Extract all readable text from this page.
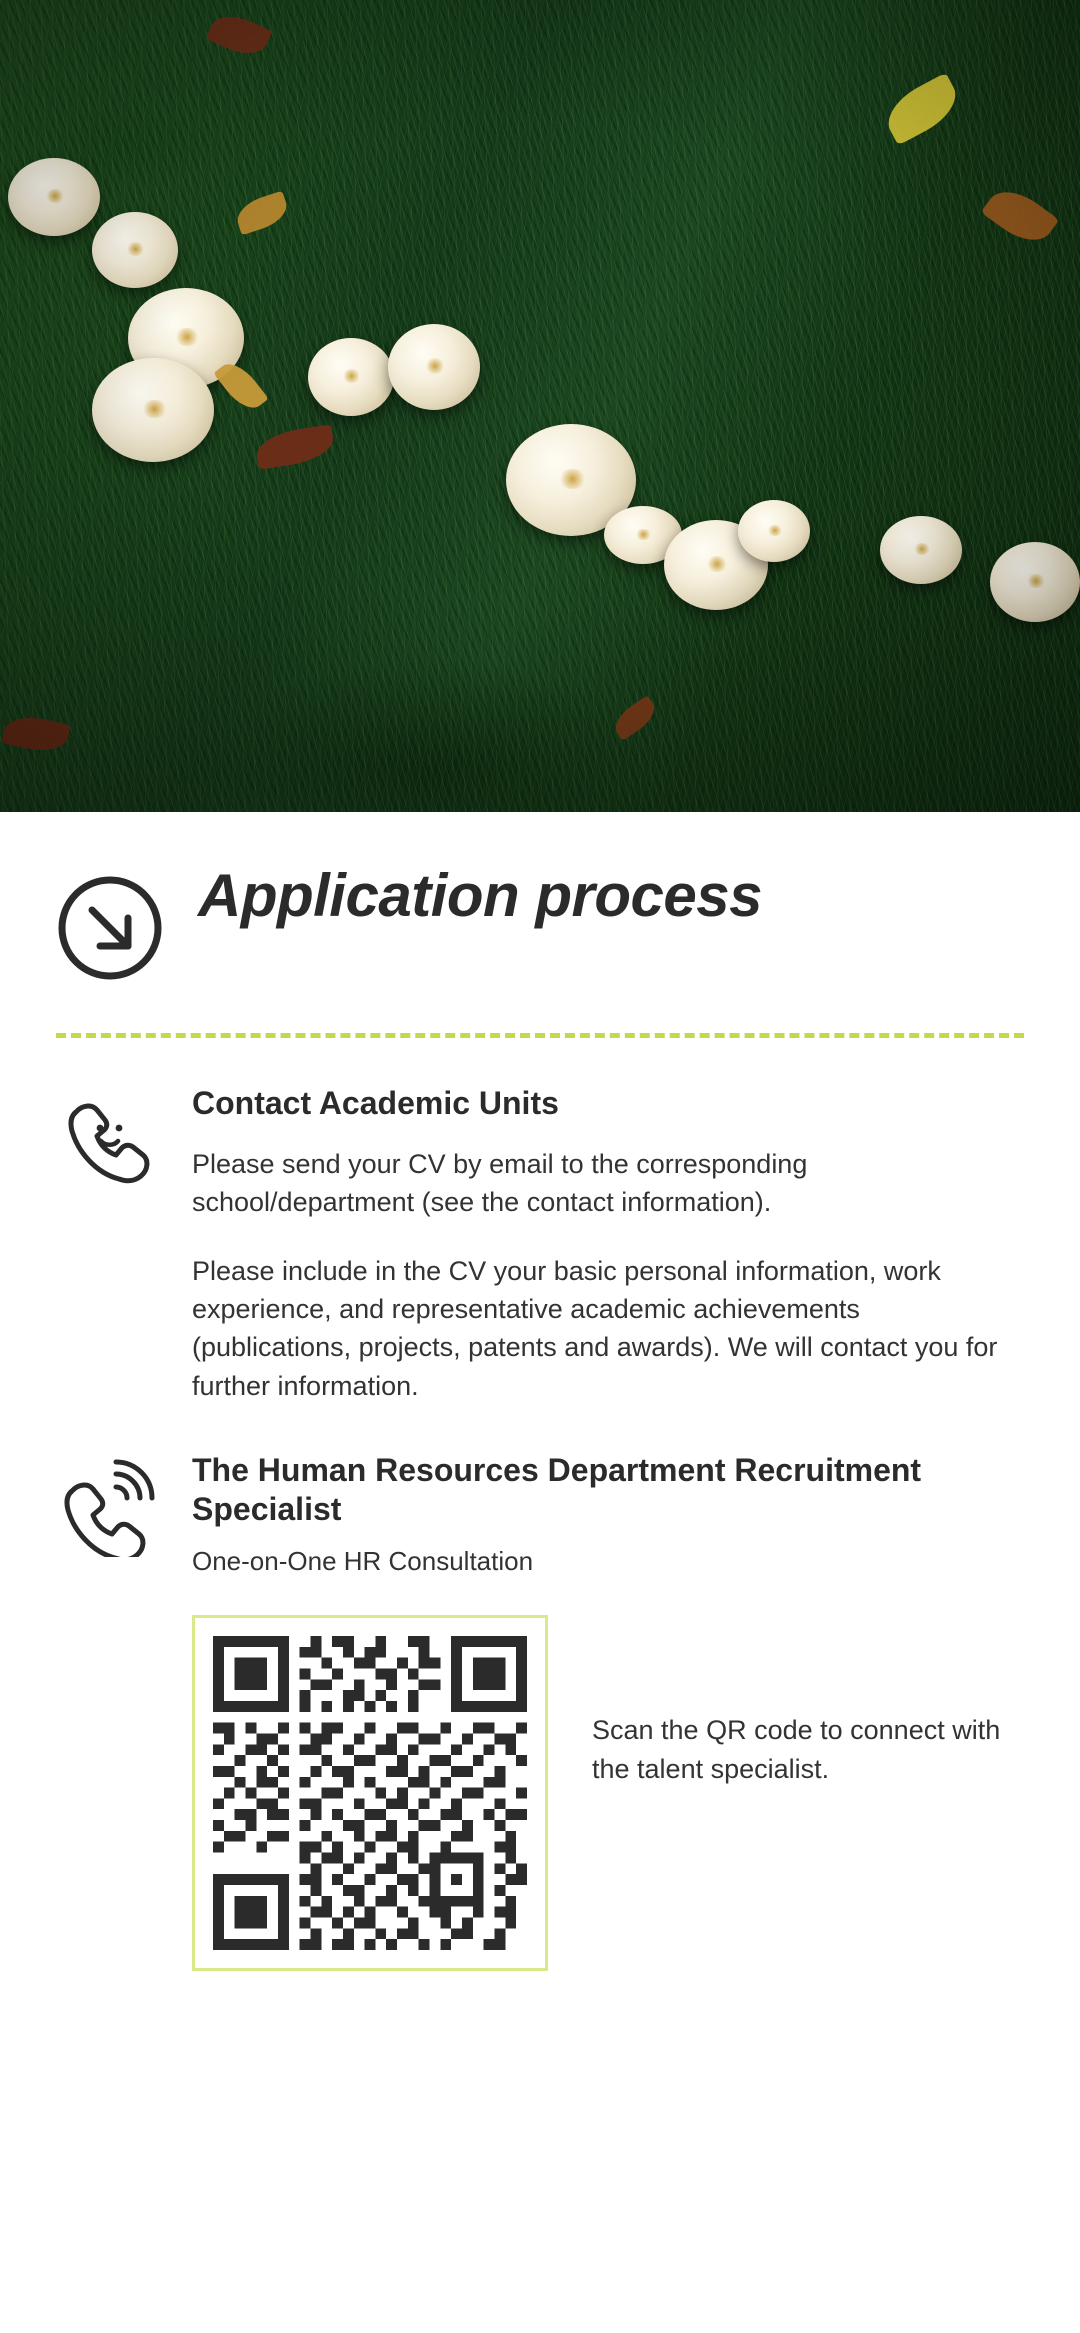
Application process
Contact Academic Units

Please send your CV by email to the corresponding school/department (see the contact information).

Please include in the CV your basic personal information, work experience, and representative academic achievements (publications, projects, patents and awards). We will contact you for further information.

The Human Resources Department Recruitment Specialist
One-on-One HR Consultation
Scan the QR code to connect with the talent specialist.
